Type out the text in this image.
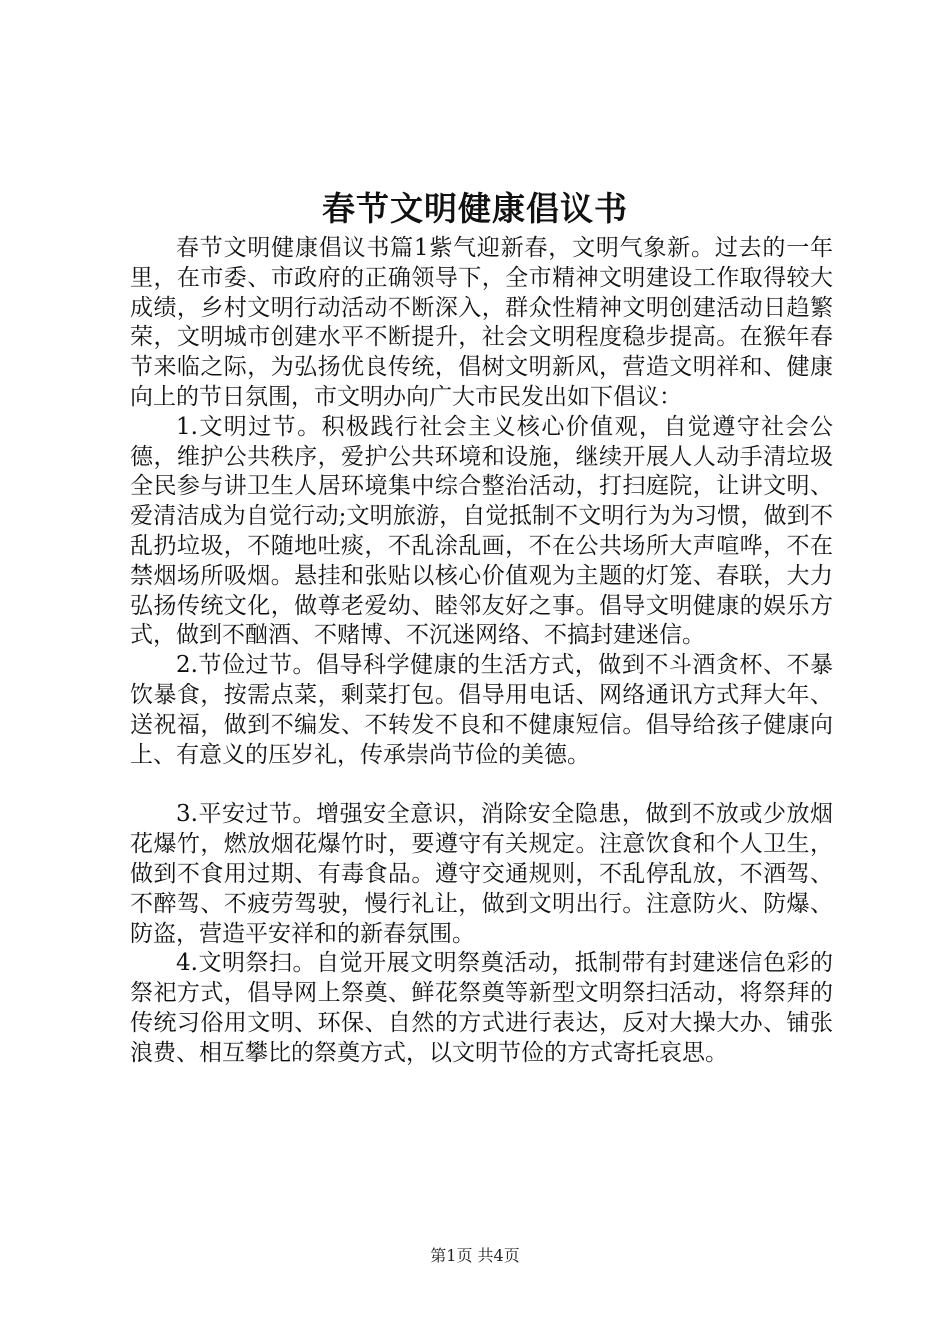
春节文明健康倡议书

春节文明健康倡议书篇1紫气迎新春，文明气象新。过去的一年里，在市委、市政府的正确领导下，全市精神文明建设工作取得较大成绩，乡村文明行动活动不断深入，群众性精神文明创建活动日趋繁荣，文明城市创建水平不断提升，社会文明程度稳步提高。在猴年春节来临之际，为弘扬优良传统，倡树文明新风，营造文明祥和、健康向上的节日氛围，市文明办向广大市民发出如下倡议：

1.文明过节。积极践行社会主义核心价值观，自觉遵守社会公德，维护公共秩序，爱护公共环境和设施，继续开展人人动手清垃圾全民参与讲卫生人居环境集中综合整治活动，打扫庭院，让讲文明、爱清洁成为自觉行动;文明旅游，自觉抵制不文明行为为习惯，做到不乱扔垃圾，不随地吐痰，不乱涂乱画，不在公共场所大声喧哗，不在禁烟场所吸烟。悬挂和张贴以核心价值观为主题的灯笼、春联，大力弘扬传统文化，做尊老爱幼、睦邻友好之事。倡导文明健康的娱乐方式，做到不酗酒、不赌博、不沉迷网络、不搞封建迷信。

2.节俭过节。倡导科学健康的生活方式，做到不斗酒贪杯、不暴饮暴食，按需点菜，剩菜打包。倡导用电话、网络通讯方式拜大年、送祝福，做到不编发、不转发不良和不健康短信。倡导给孩子健康向上、有意义的压岁礼，传承崇尚节俭的美德。

3.平安过节。增强安全意识，消除安全隐患，做到不放或少放烟花爆竹，燃放烟花爆竹时，要遵守有关规定。注意饮食和个人卫生，做到不食用过期、有毒食品。遵守交通规则，不乱停乱放，不酒驾、不醉驾、不疲劳驾驶，慢行礼让，做到文明出行。注意防火、防爆、防盗，营造平安祥和的新春氛围。

4.文明祭扫。自觉开展文明祭奠活动，抵制带有封建迷信色彩的祭祀方式，倡导网上祭奠、鲜花祭奠等新型文明祭扫活动，将祭拜的传统习俗用文明、环保、自然的方式进行表达，反对大操大办、铺张浪费、相互攀比的祭奠方式，以文明节俭的方式寄托哀思。

第1页 共4页
